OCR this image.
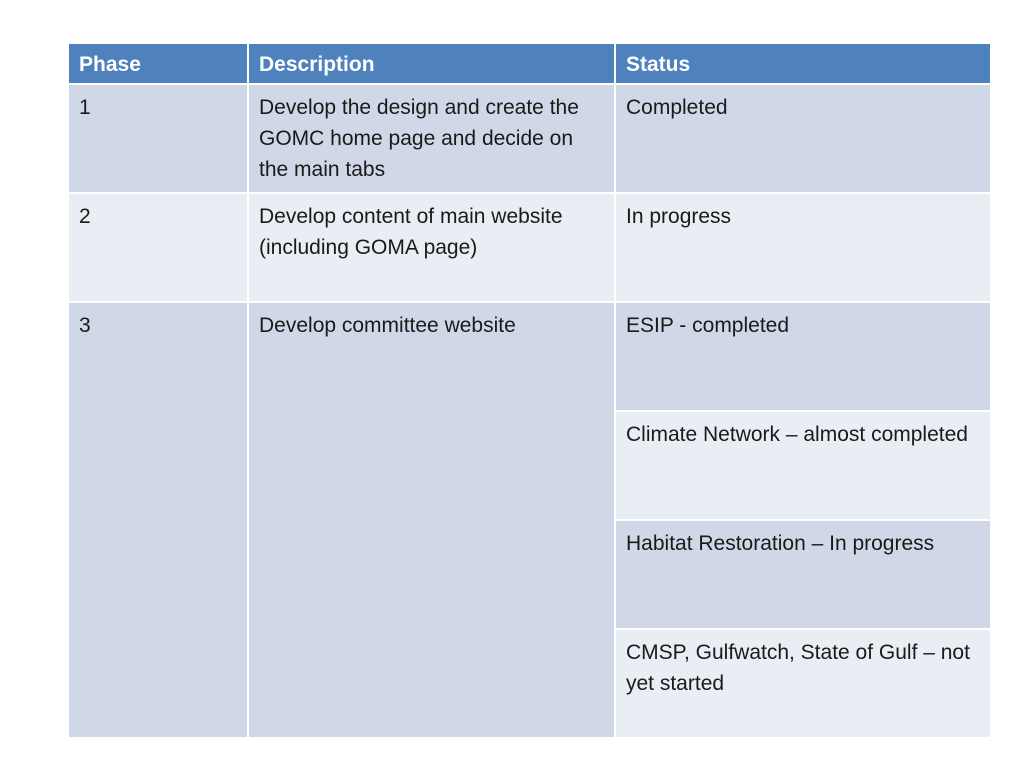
Phase	Description	Status
1	Develop the design and create the GOMC home page and decide on the main tabs	Completed
2	Develop content of main website (including GOMA page)	In progress
3	Develop committee website	ESIP - completed
		Climate Network – almost completed
		Habitat Restoration – In progress
		CMSP, Gulfwatch, State of Gulf – not yet started
